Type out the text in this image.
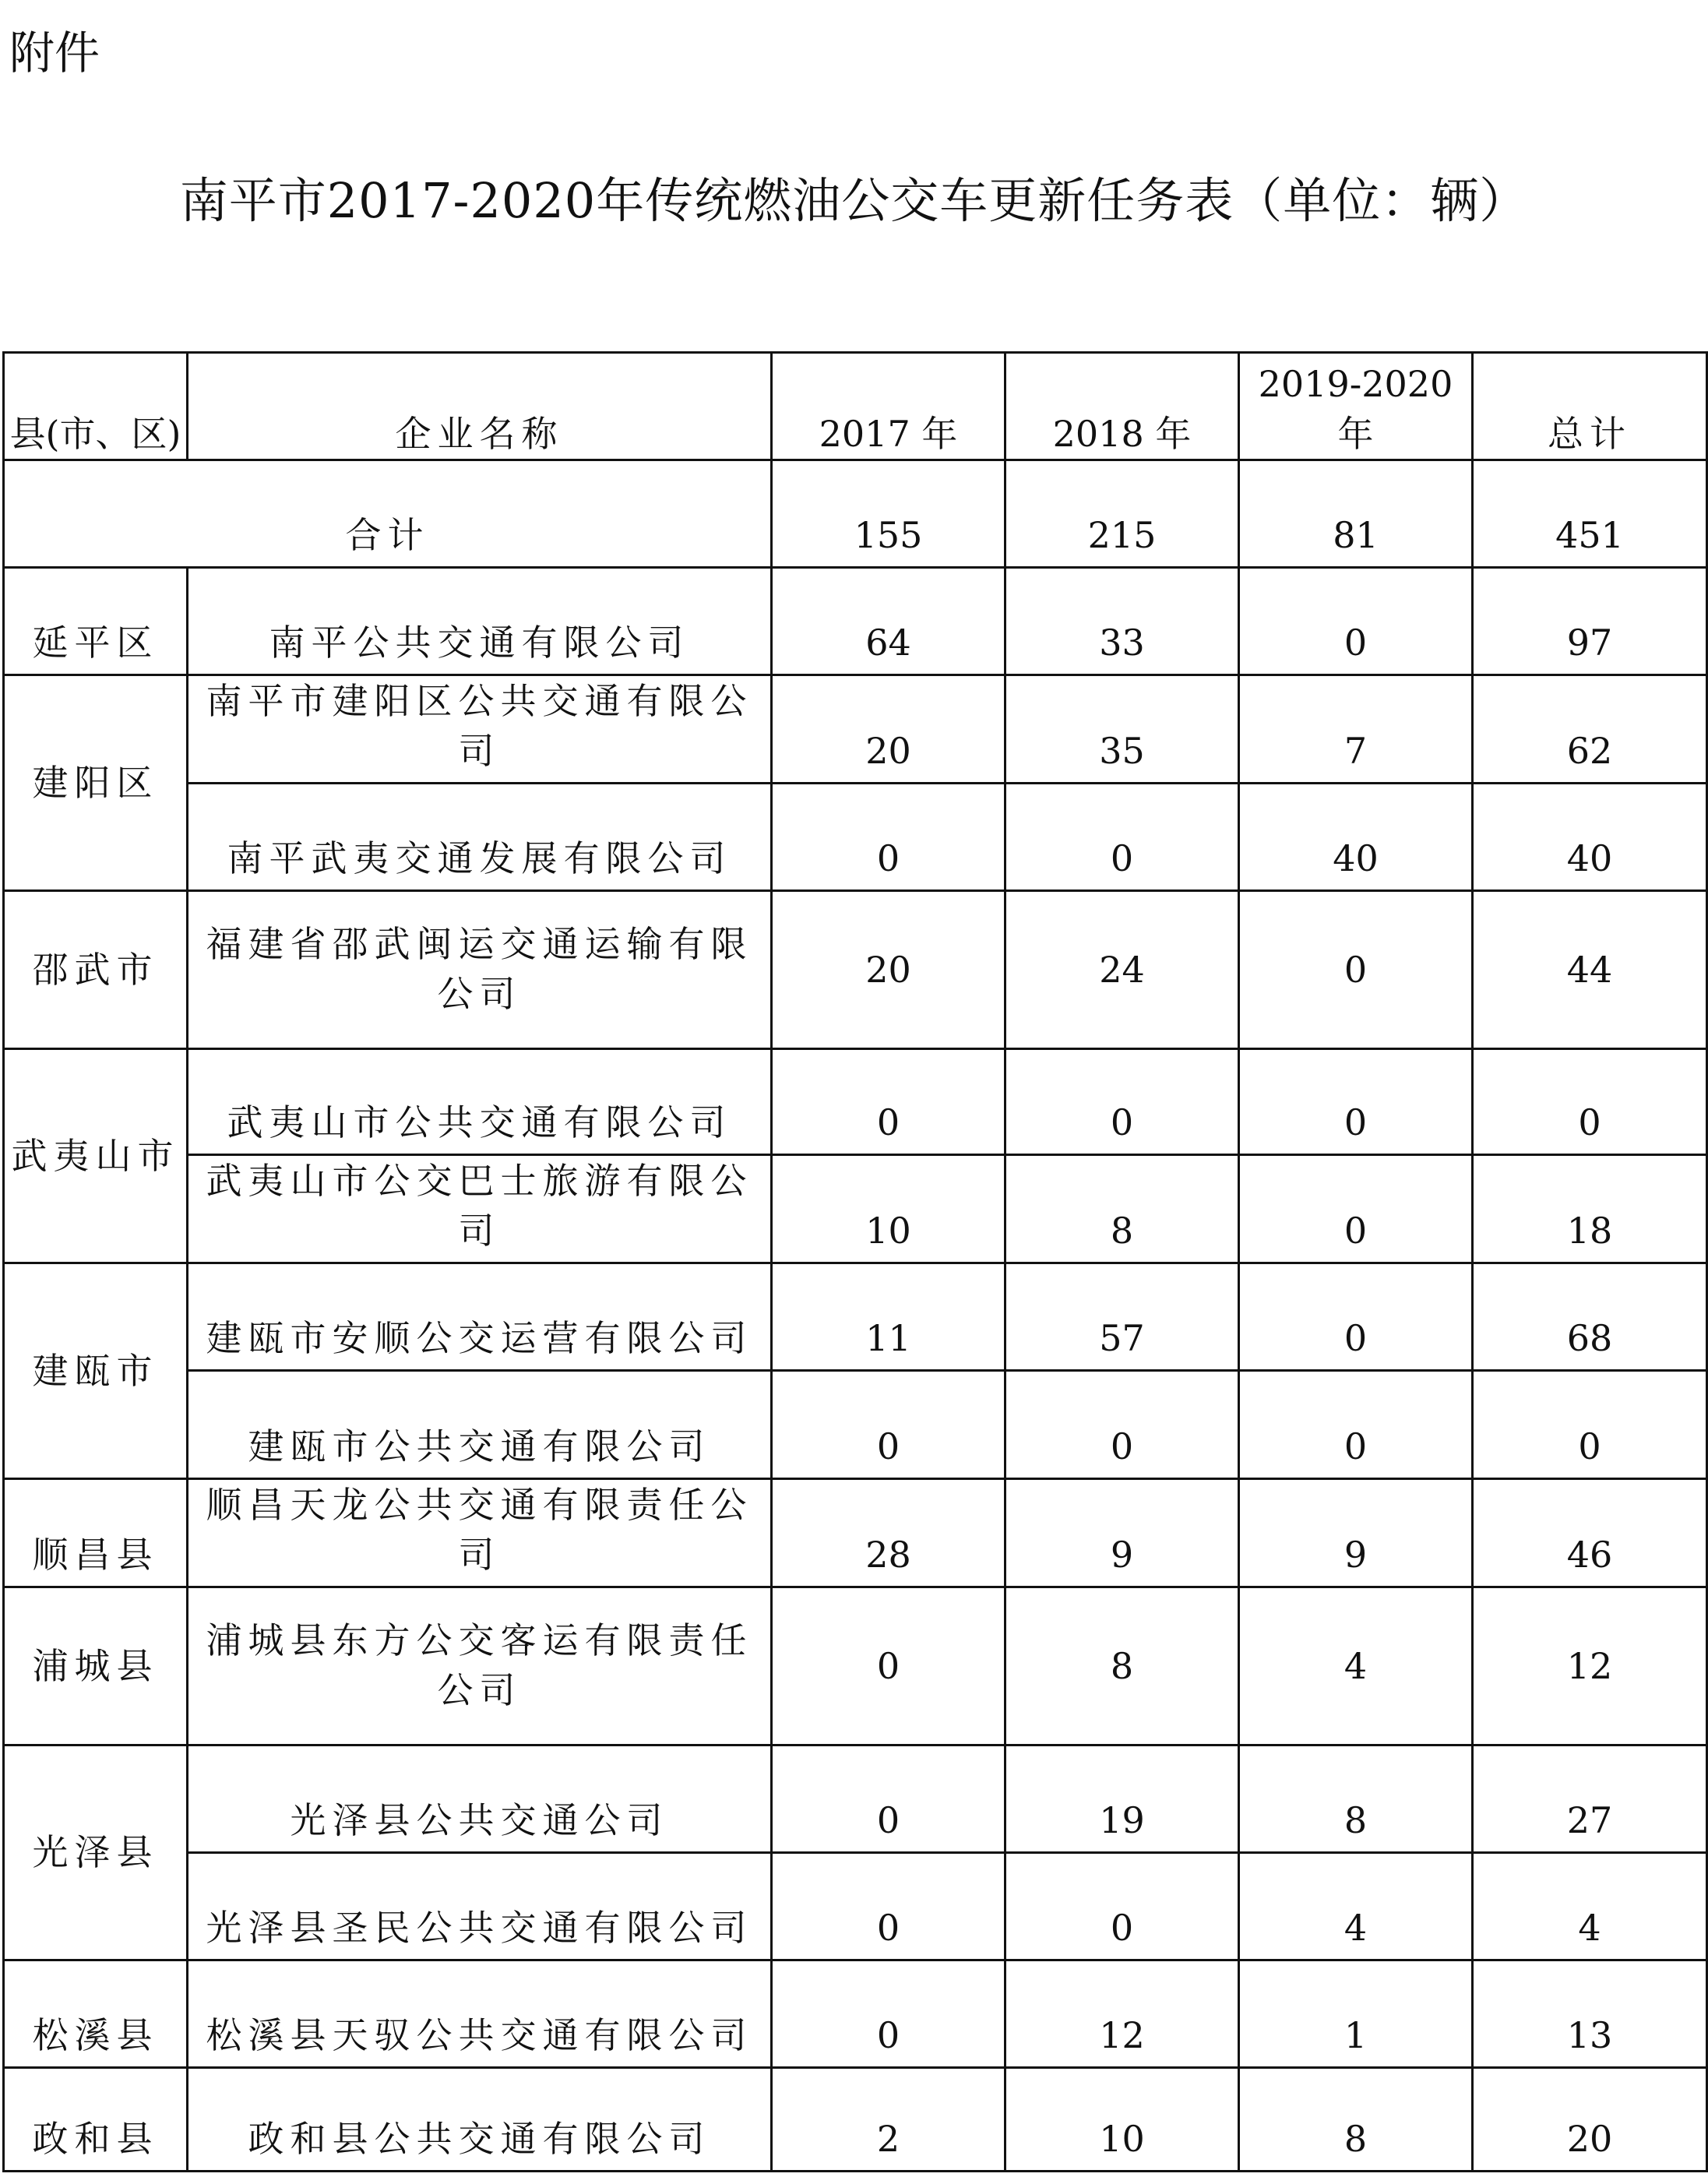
附件
南平市2017-2020年传统燃油公交车更新任务表（单位：辆）
县(市、区)	企业名称	2017 年	2018 年	2019-2020 年	总计
合计		155	215	81	451
延平区	南平公共交通有限公司	64	33	0	97
建阳区	南平市建阳区公共交通有限公司	20	35	7	62
	南平武夷交通发展有限公司	0	0	40	40
邵武市	福建省邵武闽运交通运输有限公司	20	24	0	44
武夷山市	武夷山市公共交通有限公司	0	0	0	0
	武夷山市公交巴士旅游有限公司	10	8	0	18
建瓯市	建瓯市安顺公交运营有限公司	11	57	0	68
	建瓯市公共交通有限公司	0	0	0	0
顺昌县	顺昌天龙公共交通有限责任公司	28	9	9	46
浦城县	浦城县东方公交客运有限责任公司	0	8	4	12
光泽县	光泽县公共交通公司	0	19	8	27
	光泽县圣民公共交通有限公司	0	0	4	4
松溪县	松溪县天驭公共交通有限公司	0	12	1	13
政和县	政和县公共交通有限公司	2	10	8	20
